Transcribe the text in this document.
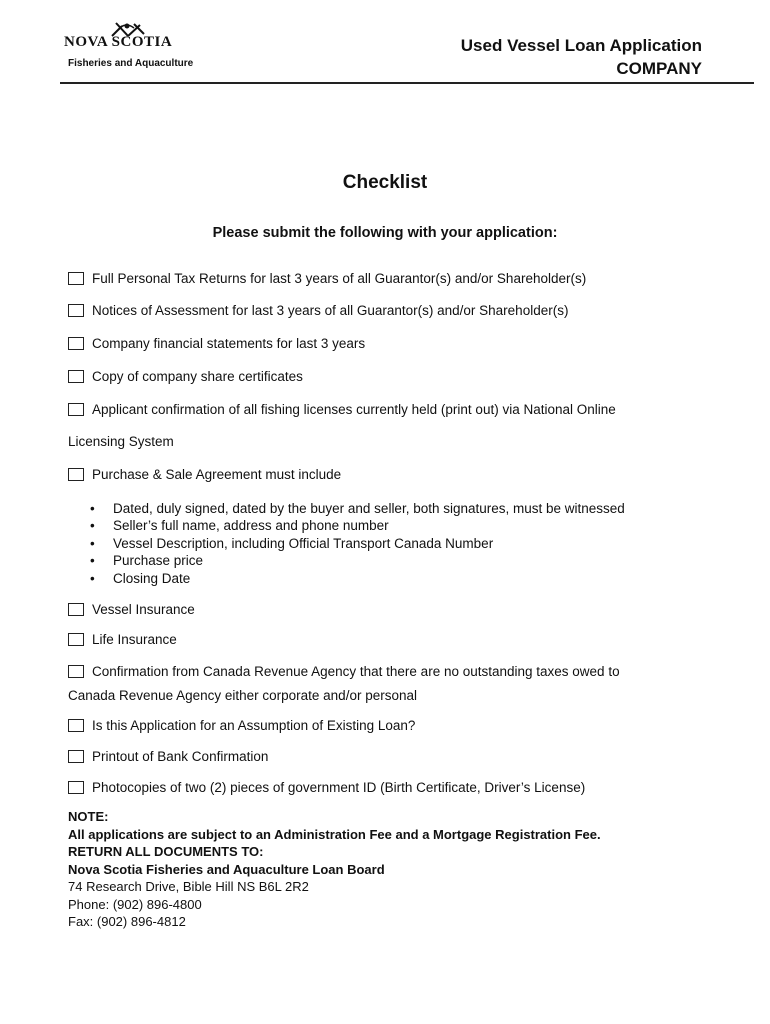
NOVA SCOTIA
Fisheries and Aquaculture
Used Vessel Loan Application
COMPANY
Checklist
Please submit the following with your application:
Full Personal Tax Returns for last 3 years of all Guarantor(s) and/or Shareholder(s)
Notices of Assessment for last 3 years of all Guarantor(s) and/or Shareholder(s)
Company financial statements for last 3 years
Copy of company share certificates
Applicant confirmation of all fishing licenses currently held (print out) via National Online
Licensing System
Purchase & Sale Agreement must include
• Dated, duly signed, dated by the buyer and seller, both signatures, must be witnessed
• Seller’s full name, address and phone number
• Vessel Description, including Official Transport Canada Number
• Purchase price
• Closing Date
Vessel Insurance
Life Insurance
Confirmation from Canada Revenue Agency that there are no outstanding taxes owed to
Canada Revenue Agency either corporate and/or personal
Is this Application for an Assumption of Existing Loan?
Printout of Bank Confirmation
Photocopies of two (2) pieces of government ID (Birth Certificate, Driver’s License)
NOTE:
All applications are subject to an Administration Fee and a Mortgage Registration Fee.
RETURN ALL DOCUMENTS TO:
Nova Scotia Fisheries and Aquaculture Loan Board
74 Research Drive, Bible Hill NS B6L 2R2
Phone: (902) 896-4800
Fax: (902) 896-4812
